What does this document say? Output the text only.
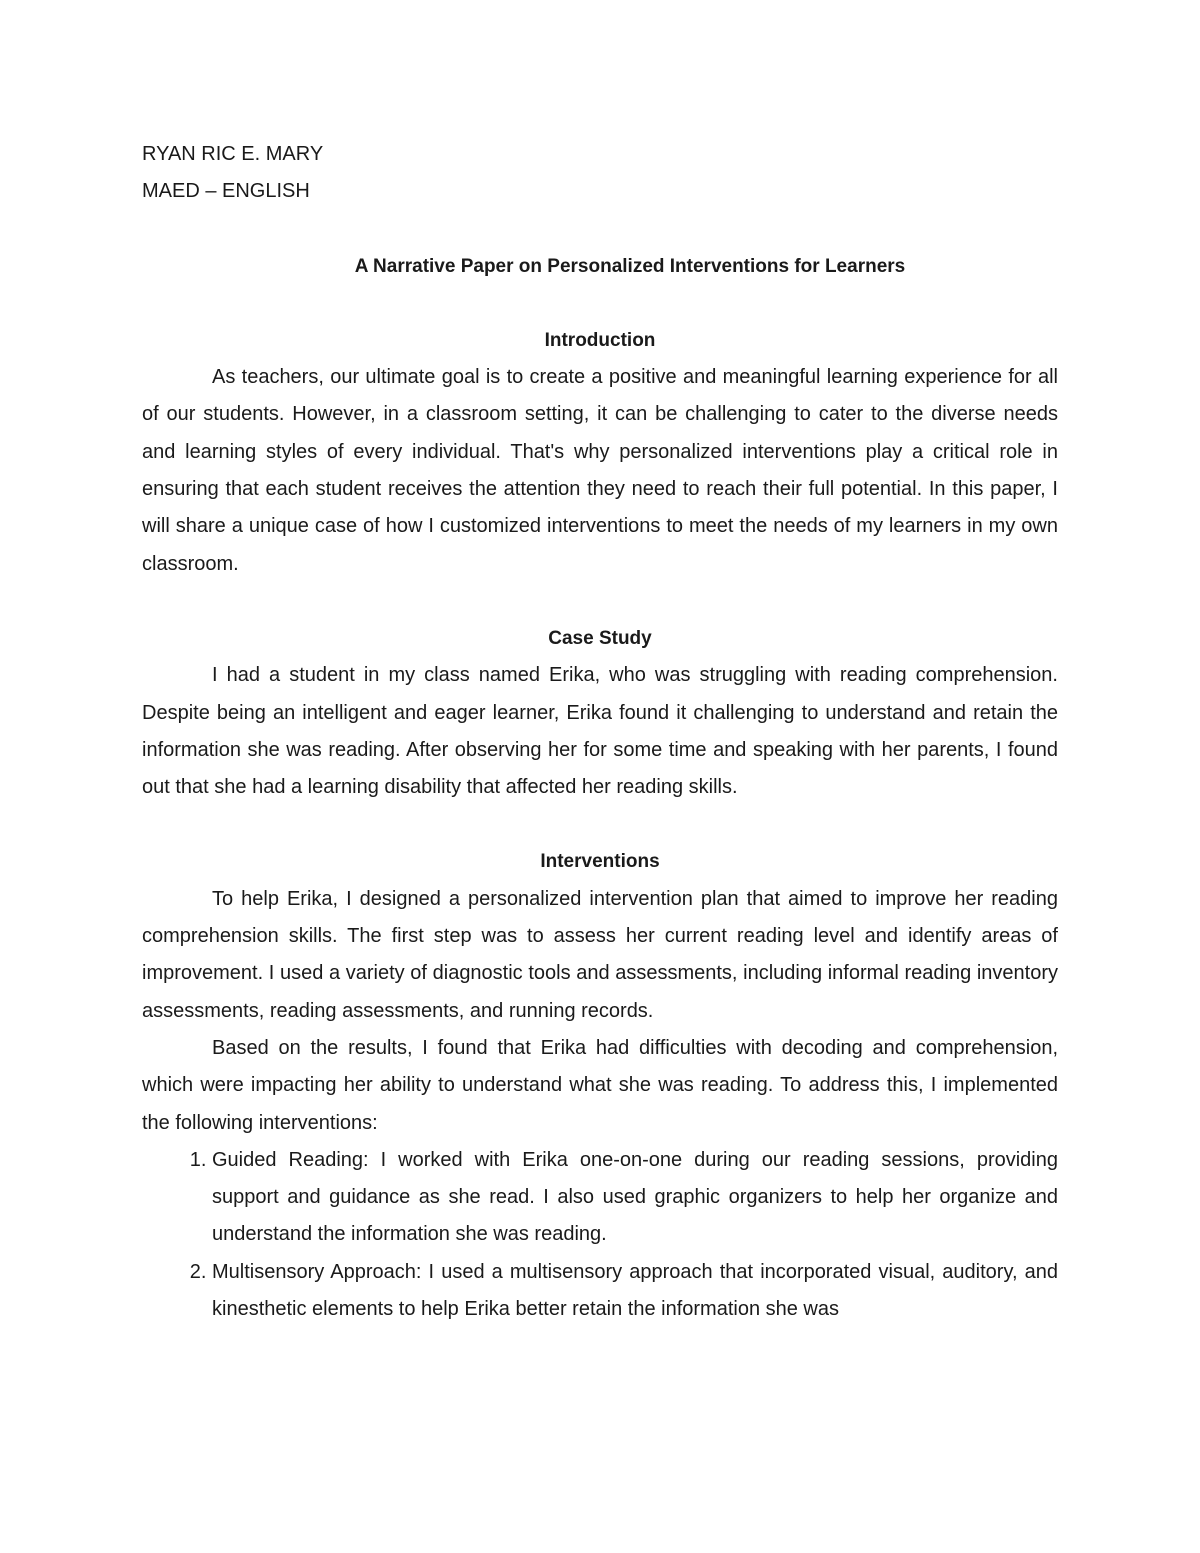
RYAN RIC E. MARY

MAED – ENGLISH

A Narrative Paper on Personalized Interventions for Learners

Introduction

As teachers, our ultimate goal is to create a positive and meaningful learning experience for all of our students. However, in a classroom setting, it can be challenging to cater to the diverse needs and learning styles of every individual. That's why personalized interventions play a critical role in ensuring that each student receives the attention they need to reach their full potential. In this paper, I will share a unique case of how I customized interventions to meet the needs of my learners in my own classroom.

Case Study

I had a student in my class named Erika, who was struggling with reading comprehension. Despite being an intelligent and eager learner, Erika found it challenging to understand and retain the information she was reading. After observing her for some time and speaking with her parents, I found out that she had a learning disability that affected her reading skills.

Interventions

To help Erika, I designed a personalized intervention plan that aimed to improve her reading comprehension skills. The first step was to assess her current reading level and identify areas of improvement. I used a variety of diagnostic tools and assessments, including informal reading inventory assessments, reading assessments, and running records.

Based on the results, I found that Erika had difficulties with decoding and comprehension, which were impacting her ability to understand what she was reading. To address this, I implemented the following interventions:

1. Guided Reading: I worked with Erika one-on-one during our reading sessions, providing support and guidance as she read. I also used graphic organizers to help her organize and understand the information she was reading.
2. Multisensory Approach: I used a multisensory approach that incorporated visual, auditory, and kinesthetic elements to help Erika better retain the information she was
